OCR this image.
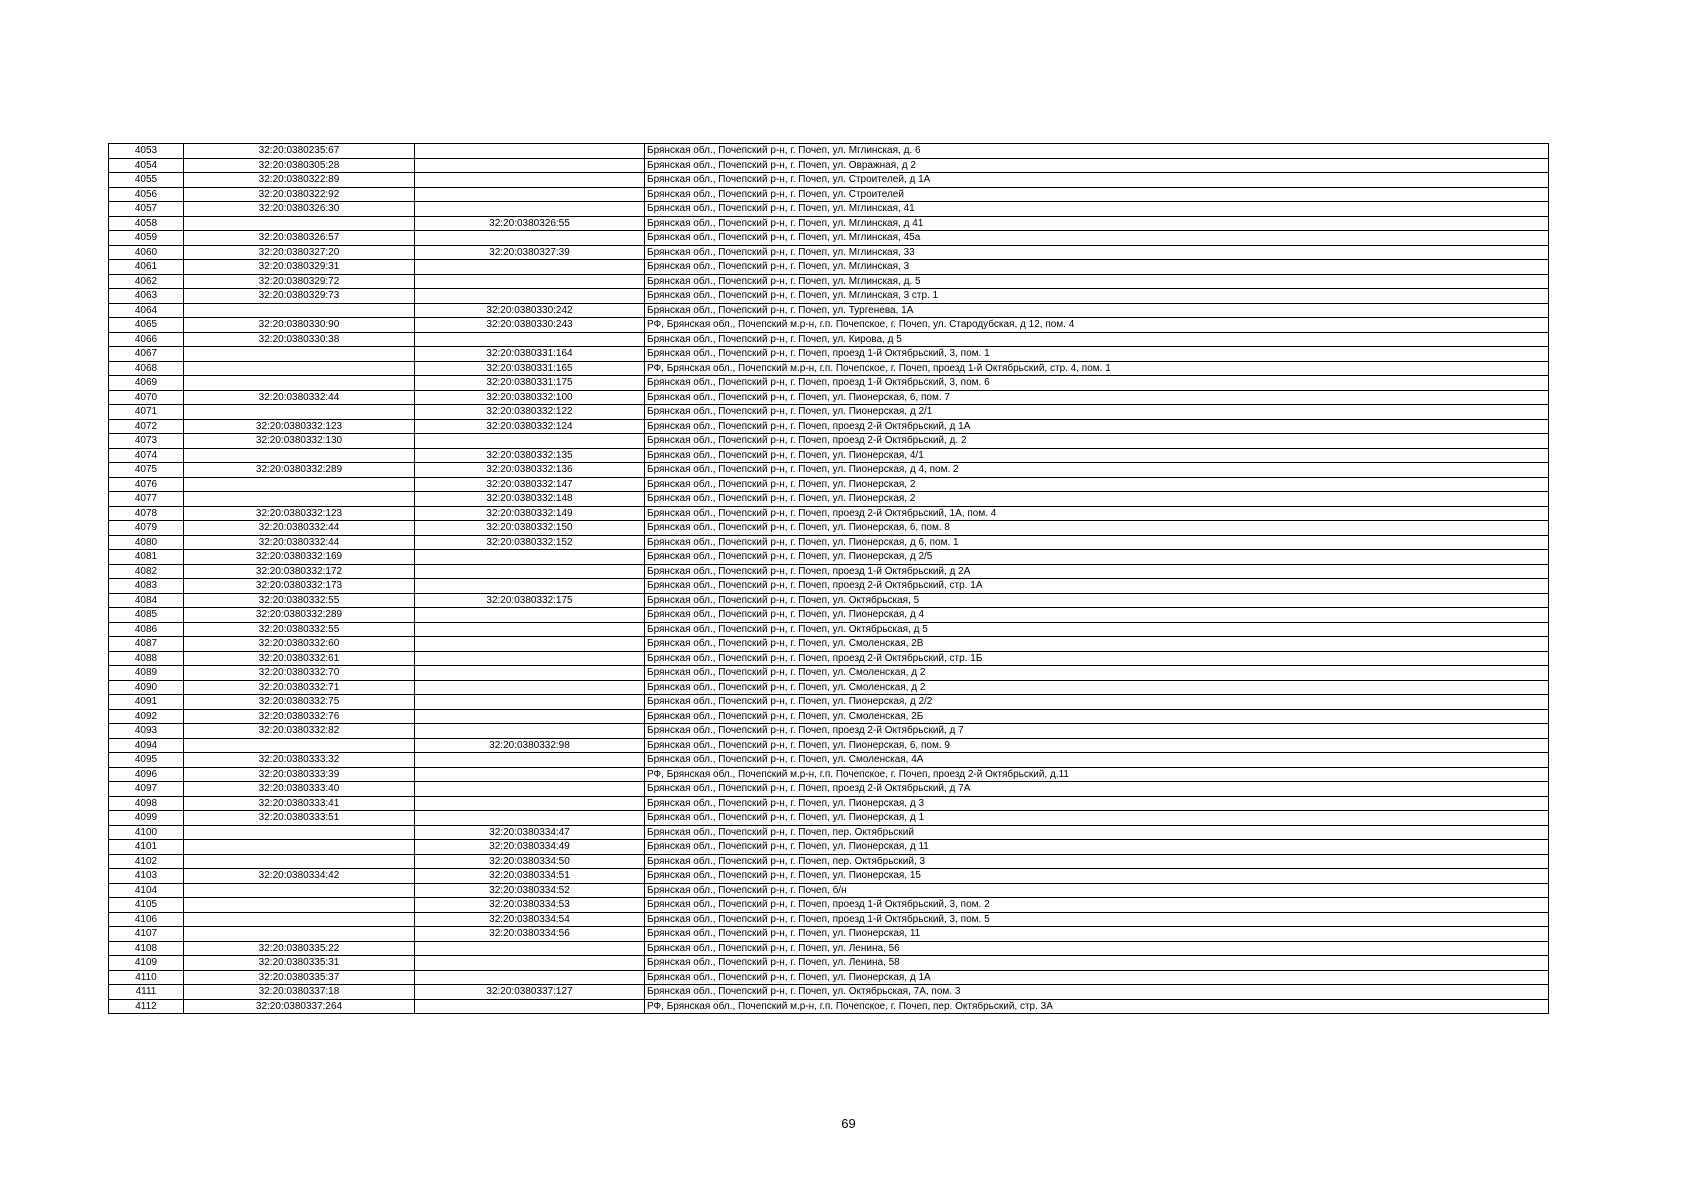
4053	32:20:0380235:67		Брянская обл., Почепский р-н, г. Почеп, ул. Мглинская, д. 6
4054	32:20:0380305:28		Брянская обл., Почепский р-н, г. Почеп, ул. Овражная, д 2
4055	32:20:0380322:89		Брянская обл., Почепский р-н, г. Почеп, ул. Строителей, д 1А
4056	32:20:0380322:92		Брянская обл., Почепский р-н, г. Почеп, ул. Строителей
4057	32:20:0380326:30		Брянская обл., Почепский р-н, г. Почеп, ул. Мглинская, 41
4058		32:20:0380326:55	Брянская обл., Почепский р-н, г. Почеп, ул. Мглинская, д 41
4059	32:20:0380326:57		Брянская обл., Почепский р-н, г. Почеп, ул. Мглинская, 45а
4060	32:20:0380327:20	32:20:0380327:39	Брянская обл., Почепский р-н, г. Почеп, ул. Мглинская, 33
4061	32:20:0380329:31		Брянская обл., Почепский р-н, г. Почеп, ул. Мглинская, 3
4062	32:20:0380329:72		Брянская обл., Почепский р-н, г. Почеп, ул. Мглинская, д. 5
4063	32:20:0380329:73		Брянская обл., Почепский р-н, г. Почеп, ул. Мглинская, 3 стр. 1
4064		32:20:0380330:242	Брянская обл., Почепский р-н, г. Почеп, ул. Тургенева, 1А
4065	32:20:0380330:90	32:20:0380330:243	РФ, Брянская обл., Почепский м.р-н, г.п. Почепское, г. Почеп, ул. Стародубская, д 12, пом. 4
4066	32:20:0380330:38		Брянская обл., Почепский р-н, г. Почеп, ул. Кирова, д 5
4067		32:20:0380331:164	Брянская обл., Почепский р-н, г. Почеп, проезд 1-й Октябрьский, 3, пом. 1
4068		32:20:0380331:165	РФ, Брянская обл., Почепский м.р-н, г.п. Почепское, г. Почеп, проезд 1-й Октябрьский, стр. 4, пом. 1
4069		32:20:0380331:175	Брянская обл., Почепский р-н, г. Почеп, проезд 1-й Октябрьский, 3, пом. 6
4070	32:20:0380332:44	32:20:0380332:100	Брянская обл., Почепский р-н, г. Почеп, ул. Пионерская, 6, пом. 7
4071		32:20:0380332:122	Брянская обл., Почепский р-н, г. Почеп, ул. Пионерская, д 2/1
4072	32:20:0380332:123	32:20:0380332:124	Брянская обл., Почепский р-н, г. Почеп, проезд 2-й Октябрьский, д 1А
4073	32:20:0380332:130		Брянская обл., Почепский р-н, г. Почеп, проезд 2-й Октябрьский, д. 2
4074		32:20:0380332:135	Брянская обл., Почепский р-н, г. Почеп, ул. Пионерская, 4/1
4075	32:20:0380332:289	32:20:0380332:136	Брянская обл., Почепский р-н, г. Почеп, ул. Пионерская, д 4, пом. 2
4076		32:20:0380332:147	Брянская обл., Почепский р-н, г. Почеп, ул. Пионерская, 2
4077		32:20:0380332:148	Брянская обл., Почепский р-н, г. Почеп, ул. Пионерская, 2
4078	32:20:0380332:123	32:20:0380332:149	Брянская обл., Почепский р-н, г. Почеп, проезд 2-й Октябрьский, 1А, пом. 4
4079	32:20:0380332:44	32:20:0380332:150	Брянская обл., Почепский р-н, г. Почеп, ул. Пионерская, 6, пом. 8
4080	32:20:0380332:44	32:20:0380332:152	Брянская обл., Почепский р-н, г. Почеп, ул. Пионерская, д 6, пом. 1
4081	32:20:0380332:169		Брянская обл., Почепский р-н, г. Почеп, ул. Пионерская, д 2/5
4082	32:20:0380332:172		Брянская обл., Почепский р-н, г. Почеп, проезд 1-й Октябрьский, д 2А
4083	32:20:0380332:173		Брянская обл., Почепский р-н, г. Почеп, проезд 2-й Октябрьский, стр. 1А
4084	32:20:0380332:55	32:20:0380332:175	Брянская обл., Почепский р-н, г. Почеп, ул. Октябрьская, 5
4085	32:20:0380332:289		Брянская обл., Почепский р-н, г. Почеп, ул. Пионерская, д 4
4086	32:20:0380332:55		Брянская обл., Почепский р-н, г. Почеп, ул. Октябрьская, д 5
4087	32:20:0380332:60		Брянская обл., Почепский р-н, г. Почеп, ул. Смоленская, 2В
4088	32:20:0380332:61		Брянская обл., Почепский р-н, г. Почеп, проезд 2-й Октябрьский, стр. 1Б
4089	32:20:0380332:70		Брянская обл., Почепский р-н, г. Почеп, ул. Смоленская, д 2
4090	32:20:0380332:71		Брянская обл., Почепский р-н, г. Почеп, ул. Смоленская, д 2
4091	32:20:0380332:75		Брянская обл., Почепский р-н, г. Почеп, ул. Пионерская, д 2/2
4092	32:20:0380332:76		Брянская обл., Почепский р-н, г. Почеп, ул. Смоленская, 2Б
4093	32:20:0380332:82		Брянская обл., Почепский р-н, г. Почеп, проезд 2-й Октябрьский, д 7
4094		32:20:0380332:98	Брянская обл., Почепский р-н, г. Почеп, ул. Пионерская, 6, пом. 9
4095	32:20:0380333:32		Брянская обл., Почепский р-н, г. Почеп, ул. Смоленская, 4А
4096	32:20:0380333:39		РФ, Брянская обл., Почепский м.р-н, г.п. Почепское, г. Почеп, проезд 2-й Октябрьский, д.11
4097	32:20:0380333:40		Брянская обл., Почепский р-н, г. Почеп, проезд 2-й Октябрьский, д 7А
4098	32:20:0380333:41		Брянская обл., Почепский р-н, г. Почеп, ул. Пионерская, д 3
4099	32:20:0380333:51		Брянская обл., Почепский р-н, г. Почеп, ул. Пионерская, д 1
4100		32:20:0380334:47	Брянская обл., Почепский р-н, г. Почеп, пер. Октябрьский
4101		32:20:0380334:49	Брянская обл., Почепский р-н, г. Почеп, ул. Пионерская, д 11
4102		32:20:0380334:50	Брянская обл., Почепский р-н, г. Почеп, пер. Октябрьский, 3
4103	32:20:0380334:42	32:20:0380334:51	Брянская обл., Почепский р-н, г. Почеп, ул. Пионерская, 15
4104		32:20:0380334:52	Брянская обл., Почепский р-н, г. Почеп, б/н
4105		32:20:0380334:53	Брянская обл., Почепский р-н, г. Почеп, проезд 1-й Октябрьский, 3, пом. 2
4106		32:20:0380334:54	Брянская обл., Почепский р-н, г. Почеп, проезд 1-й Октябрьский, 3, пом. 5
4107		32:20:0380334:56	Брянская обл., Почепский р-н, г. Почеп, ул. Пионерская, 11
4108	32:20:0380335:22		Брянская обл., Почепский р-н, г. Почеп, ул. Ленина, 56
4109	32:20:0380335:31		Брянская обл., Почепский р-н, г. Почеп, ул. Ленина, 58
4110	32:20:0380335:37		Брянская обл., Почепский р-н, г. Почеп, ул. Пионерская, д 1А
4111	32:20:0380337:18	32:20:0380337:127	Брянская обл., Почепский р-н, г. Почеп, ул. Октябрьская, 7А, пом. 3
4112	32:20:0380337:264		РФ, Брянская обл., Почепский м.р-н, г.п. Почепское, г. Почеп, пер. Октябрьский, стр. 3А
69
